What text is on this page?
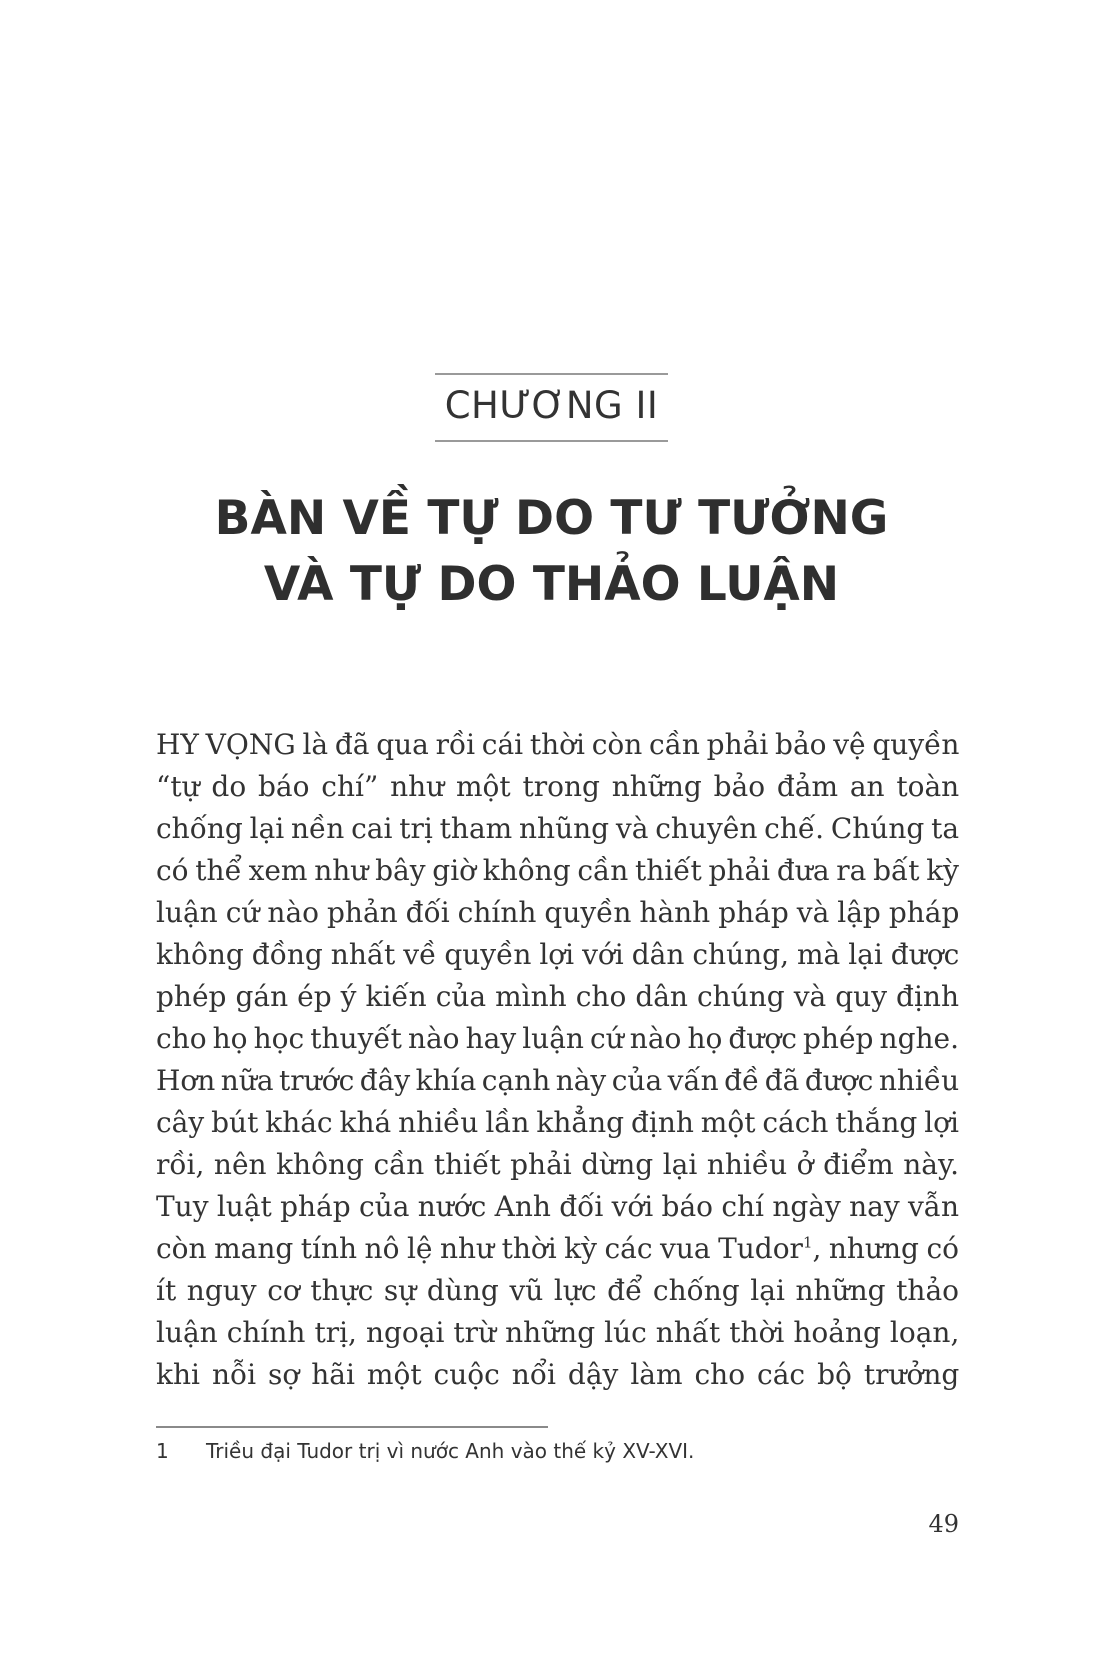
CHƯƠNG II
BÀN VỀ TỰ DO TƯ TƯỞNG
VÀ TỰ DO THẢO LUẬN
HY VỌNG là đã qua rồi cái thời còn cần phải bảo vệ quyền
“tự do báo chí” như một trong những bảo đảm an toàn
chống lại nền cai trị tham nhũng và chuyên chế. Chúng ta
có thể xem như bây giờ không cần thiết phải đưa ra bất kỳ
luận cứ nào phản đối chính quyền hành pháp và lập pháp
không đồng nhất về quyền lợi với dân chúng, mà lại được
phép gán ép ý kiến của mình cho dân chúng và quy định
cho họ học thuyết nào hay luận cứ nào họ được phép nghe.
Hơn nữa trước đây khía cạnh này của vấn đề đã được nhiều
cây bút khác khá nhiều lần khẳng định một cách thắng lợi
rồi, nên không cần thiết phải dừng lại nhiều ở điểm này.
Tuy luật pháp của nước Anh đối với báo chí ngày nay vẫn
còn mang tính nô lệ như thời kỳ các vua Tudor$^1$, nhưng có
ít nguy cơ thực sự dùng vũ lực để chống lại những thảo
luận chính trị, ngoại trừ những lúc nhất thời hoảng loạn,
khi nỗi sợ hãi một cuộc nổi dậy làm cho các bộ trưởng
1	Triều đại Tudor trị vì nước Anh vào thế kỷ XV-XVI.
49
